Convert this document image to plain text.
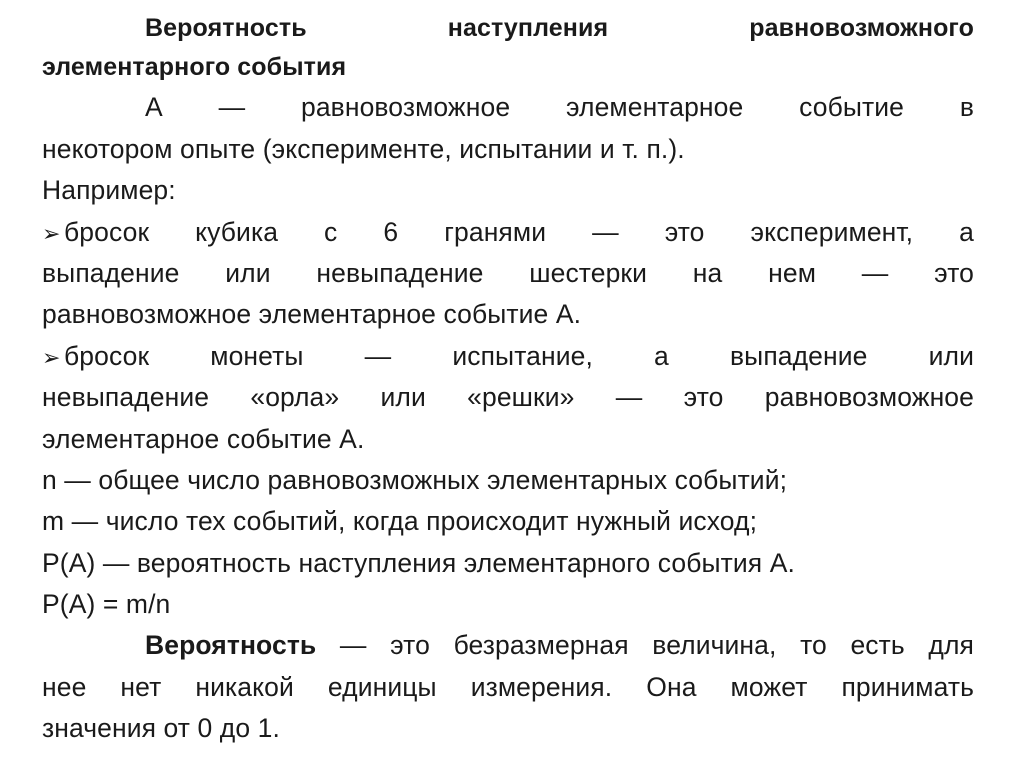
Вероятность наступления равновозможного
элементарного события
А — равновозможное элементарное событие в
некотором опыте (эксперименте, испытании и т. п.).
Например:
➢ бросок кубика с 6 гранями — это эксперимент, а
выпадение или невыпадение шестерки на нем — это
равновозможное элементарное событие А.
➢ бросок монеты — испытание, а выпадение или
невыпадение «орла» или «решки» — это равновозможное
элементарное событие А.
n — общее число равновозможных элементарных событий;
m — число тех событий, когда происходит нужный исход;
P(A) — вероятность наступления элементарного события А.
P(A) = m/n
Вероятность — это безразмерная величина, то есть для
нее нет никакой единицы измерения. Она может принимать
значения от 0 до 1.
